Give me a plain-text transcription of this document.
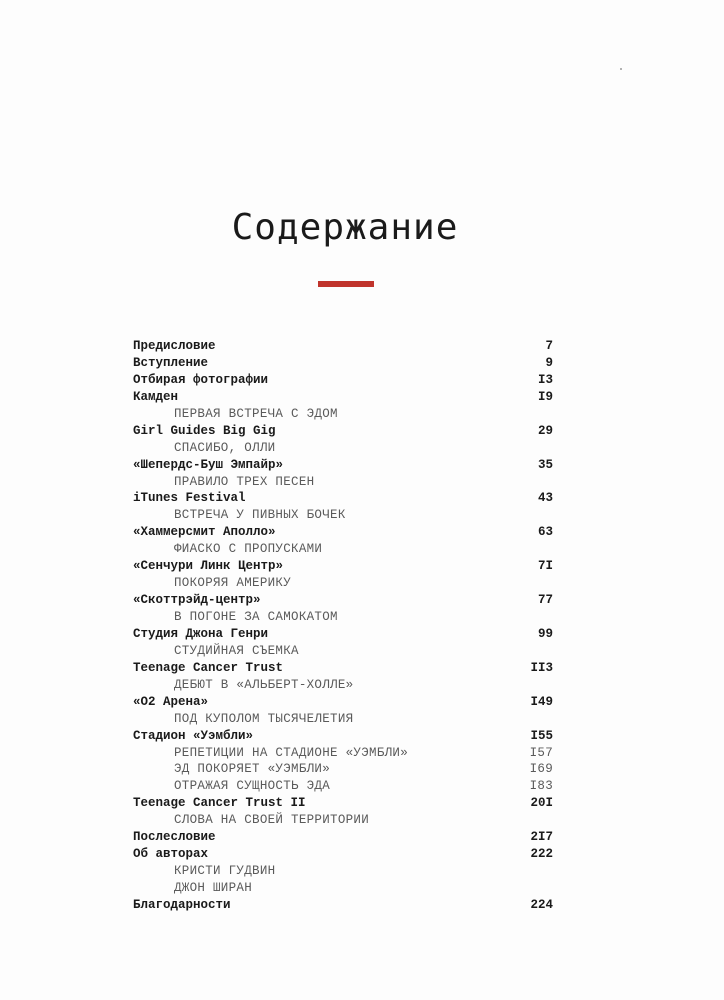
Содержание
Предисловие	7
Вступление	9
Отбирая фотографии	I3
Камден	I9
ПЕРВАЯ ВСТРЕЧА С ЭДОМ
Girl Guides Big Gig	29
СПАСИБО, ОЛЛИ
«Шепердс-Буш Эмпайр»	35
ПРАВИЛО ТРЕХ ПЕСЕН
iTunes Festival	43
ВСТРЕЧА У ПИВНЫХ БОЧЕК
«Хаммерсмит Аполло»	63
ФИАСКО С ПРОПУСКАМИ
«Сенчури Линк Центр»	7I
ПОКОРЯЯ АМЕРИКУ
«Скоттрэйд-центр»	77
В ПОГОНЕ ЗА САМОКАТОМ
Студия Джона Генри	99
СТУДИЙНАЯ СЪЕМКА
Teenage Cancer Trust	II3
ДЕБЮТ В «АЛЬБЕРТ-ХОЛЛЕ»
«О2 Арена»	I49
ПОД КУПОЛОМ ТЫСЯЧЕЛЕТИЯ
Стадион «Уэмбли»	I55
РЕПЕТИЦИИ НА СТАДИОНЕ «УЭМБЛИ»	I57
ЭД ПОКОРЯЕТ «УЭМБЛИ»	I69
ОТРАЖАЯ СУЩНОСТЬ ЭДА	I83
Teenage Cancer Trust II	20I
СЛОВА НА СВОЕЙ ТЕРРИТОРИИ
Послесловие	2I7
Об авторах	222
КРИСТИ ГУДВИН
ДЖОН ШИРАН
Благодарности	224
